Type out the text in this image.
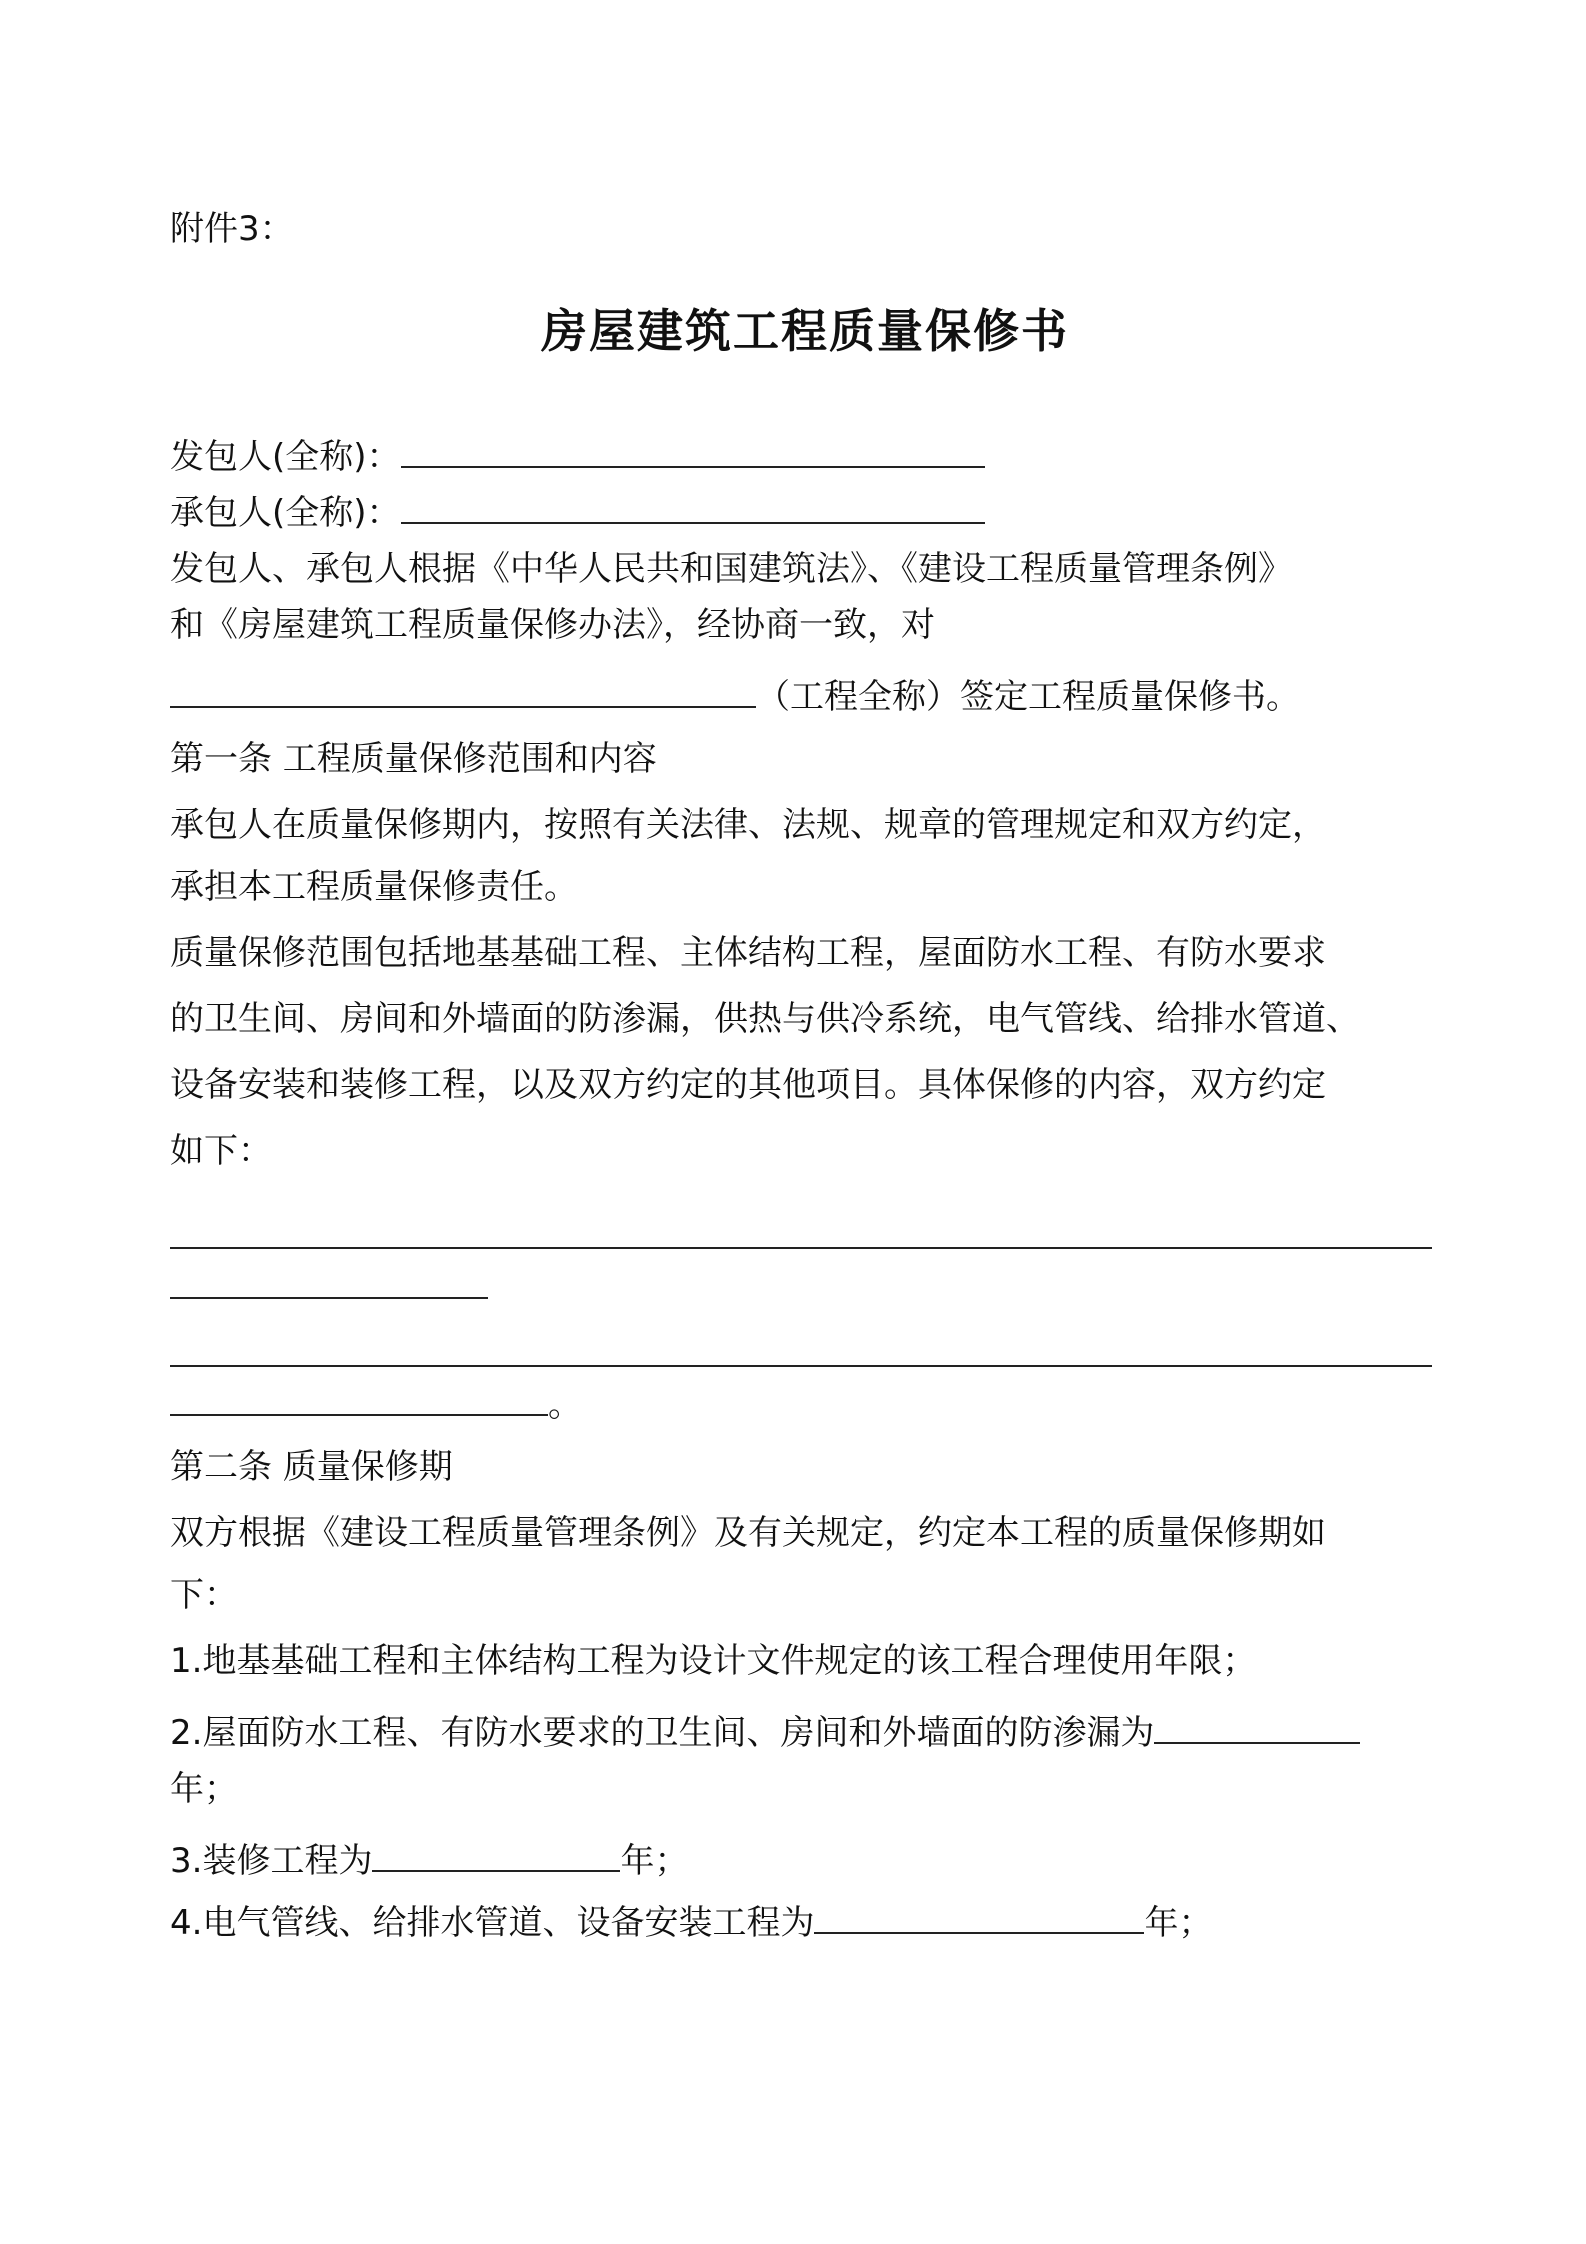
附件3：

房屋建筑工程质量保修书

发包人(全称)：

承包人(全称)：

发包人、承包人根据《中华人民共和国建筑法》、《建设工程质量管理条例》

和《房屋建筑工程质量保修办法》，经协商一致，对

（工程全称）签定工程质量保修书。

第一条 工程质量保修范围和内容

承包人在质量保修期内，按照有关法律、法规、规章的管理规定和双方约定，

承担本工程质量保修责任。

质量保修范围包括地基基础工程、主体结构工程，屋面防水工程、有防水要求

的卫生间、房间和外墙面的防渗漏，供热与供冷系统，电气管线、给排水管道、

设备安装和装修工程，以及双方约定的其他项目。具体保修的内容，双方约定

如下：

。

第二条 质量保修期

双方根据《建设工程质量管理条例》及有关规定，约定本工程的质量保修期如

下：

1.地基基础工程和主体结构工程为设计文件规定的该工程合理使用年限；

2.屋面防水工程、有防水要求的卫生间、房间和外墙面的防渗漏为

年；

3.装修工程为	年；

4.电气管线、给排水管道、设备安装工程为	年；
